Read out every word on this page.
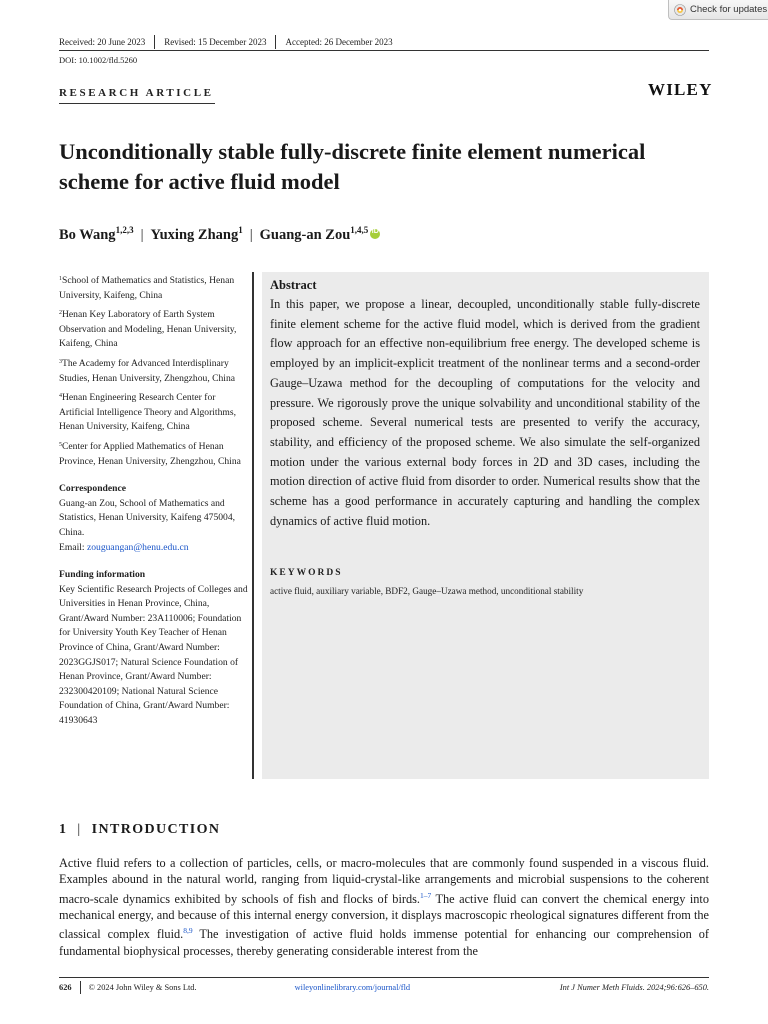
Check for updates
Received: 20 June 2023 Revised: 15 December 2023 Accepted: 26 December 2023
DOI: 10.1002/fld.5260
RESEARCH ARTICLE	WILEY
Unconditionally stable fully-discrete finite element numerical scheme for active fluid model
Bo Wang$^{1,2,3}$ | Yuxing Zhang$^1$ | Guang-an Zou$^{1,4,5}$ iD
$^1$School of Mathematics and Statistics, Henan University, Kaifeng, China
$^2$Henan Key Laboratory of Earth System Observation and Modeling, Henan University, Kaifeng, China
$^3$The Academy for Advanced Interdisplinary Studies, Henan University, Zhengzhou, China
$^4$Henan Engineering Research Center for Artificial Intelligence Theory and Algorithms, Henan University, Kaifeng, China
$^5$Center for Applied Mathematics of Henan Province, Henan University, Zhengzhou, China
Correspondence
Guang-an Zou, School of Mathematics and Statistics, Henan University, Kaifeng 475004, China.
Email: zouguangan@henu.edu.cn
Funding information
Key Scientific Research Projects of Colleges and Universities in Henan Province, China, Grant/Award Number: 23A110006; Foundation for University Youth Key Teacher of Henan Province of China, Grant/Award Number: 2023GGJS017; Natural Science Foundation of Henan Province, Grant/Award Number: 232300420109; National Natural Science Foundation of China, Grant/Award Number: 41930643
Abstract
In this paper, we propose a linear, decoupled, unconditionally stable fully-discrete finite element scheme for the active fluid model, which is derived from the gradient flow approach for an effective non-equilibrium free energy. The developed scheme is employed by an implicit-explicit treatment of the nonlinear terms and a second-order Gauge–Uzawa method for the decoupling of computations for the velocity and pressure. We rigorously prove the unique solvability and unconditional stability of the proposed scheme. Several numerical tests are presented to verify the accuracy, stability, and efficiency of the proposed scheme. We also simulate the self-organized motion under the various external body forces in 2D and 3D cases, including the motion direction of active fluid from disorder to order. Numerical results show that the scheme has a good performance in accurately capturing and handling the complex dynamics of active fluid motion.
KEYWORDS
active fluid, auxiliary variable, BDF2, Gauge–Uzawa method, unconditional stability
1 | INTRODUCTION
Active fluid refers to a collection of particles, cells, or macro-molecules that are commonly found suspended in a viscous fluid. Examples abound in the natural world, ranging from liquid-crystal-like arrangements and microbial suspensions to the coherent macro-scale dynamics exhibited by schools of fish and flocks of birds.$^{1-7}$ The active fluid can convert the chemical energy into mechanical energy, and because of this internal energy conversion, it displays macroscopic rheological signatures different from the classical complex fluid.$^{8,9}$ The investigation of active fluid holds immense potential for enhancing our comprehension of fundamental biophysical processes, thereby generating considerable interest from the
626 © 2024 John Wiley & Sons Ltd.	wileyonlinelibrary.com/journal/fld	Int J Numer Meth Fluids. 2024;96:626–650.
